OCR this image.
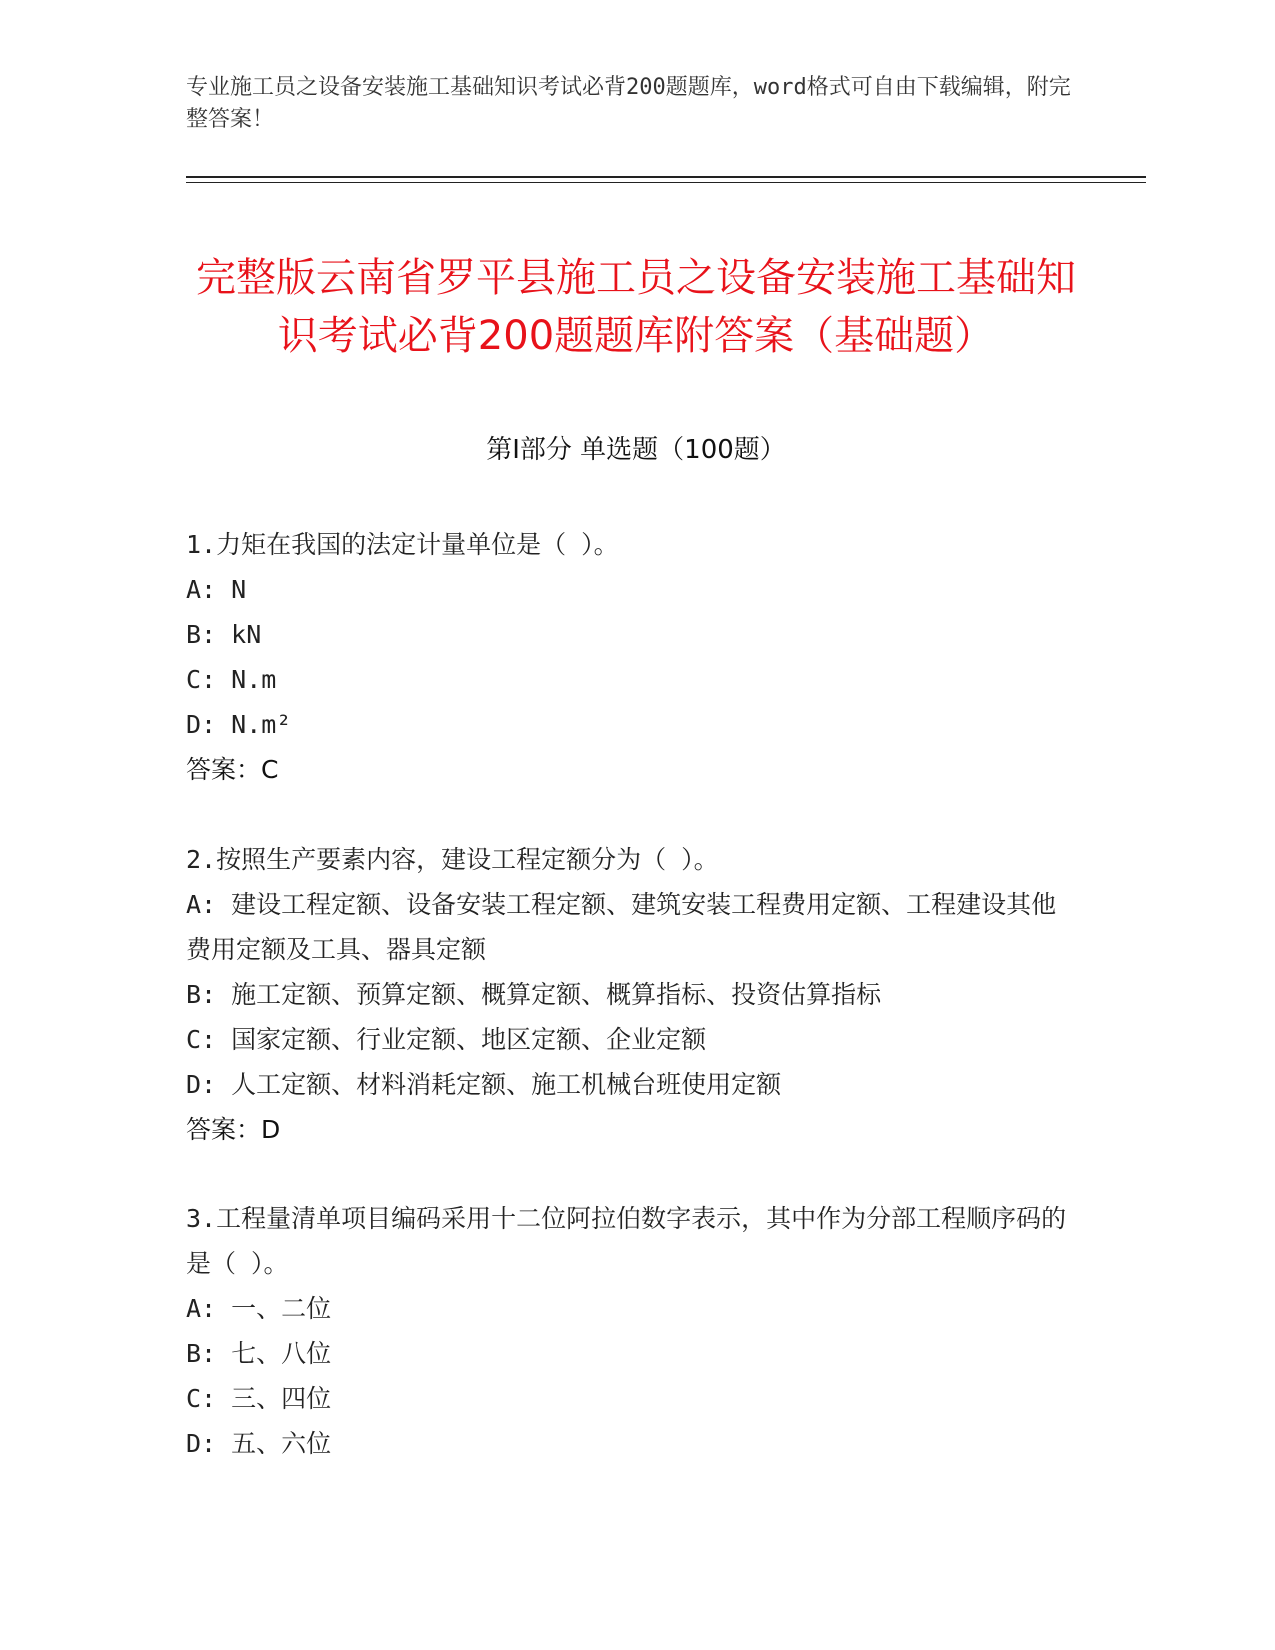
专业施工员之设备安装施工基础知识考试必背200题题库，word格式可自由下载编辑，附完整答案！
完整版云南省罗平县施工员之设备安装施工基础知识考试必背200题题库附答案（基础题）
第I部分 单选题（100题）

1.力矩在我国的法定计量单位是（ ）。

A: N

B: kN

C: N.m

D: N.m²

答案：C

2.按照生产要素内容，建设工程定额分为（ ）。

A: 建设工程定额、设备安装工程定额、建筑安装工程费用定额、工程建设其他费用定额及工具、器具定额

B: 施工定额、预算定额、概算定额、概算指标、投资估算指标

C: 国家定额、行业定额、地区定额、企业定额

D: 人工定额、材料消耗定额、施工机械台班使用定额

答案：D

3.工程量清单项目编码采用十二位阿拉伯数字表示，其中作为分部工程顺序码的是（ ）。

A: 一、二位

B: 七、八位

C: 三、四位

D: 五、六位
